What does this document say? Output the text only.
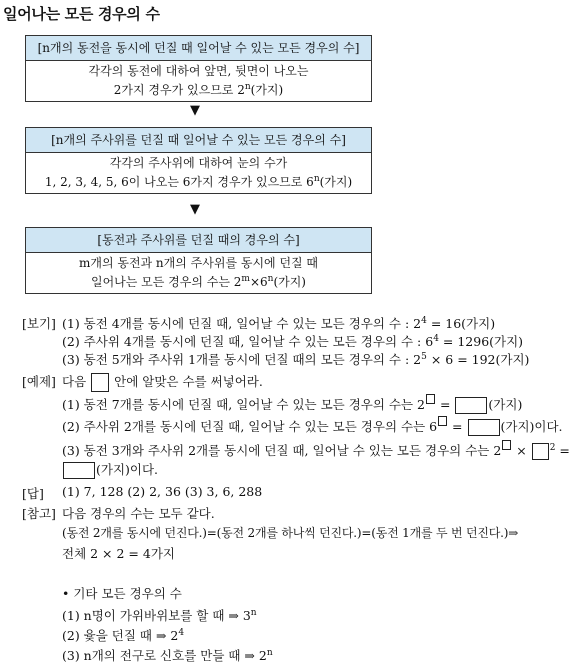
일어나는 모든 경우의 수
[n개의 동전을 동시에 던질 때 일어날 수 있는 모든 경우의 수]
각각의 동전에 대하여 앞면, 뒷면이 나오는
2가지 경우가 있으므로 2$^n$(가지)
▼
[n개의 주사위를 던질 때 일어날 수 있는 모든 경우의 수]
각각의 주사위에 대하여 눈의 수가
1, 2, 3, 4, 5, 6이 나오는 6가지 경우가 있으므로 6$^n$(가지)
▼
[동전과 주사위를 던질 때의 경우의 수]
m개의 동전과 n개의 주사위를 동시에 던질 때
일어나는 모든 경우의 수는 $2^m\times 6^n$(가지)
[보기] (1) 동전 4개를 동시에 던질 때, 일어날 수 있는 모든 경우의 수 : $2^4 = 16$(가지)
(2) 주사위 4개를 동시에 던질 때, 일어날 수 있는 모든 경우의 수 : $6^4 = 1296$(가지)
(3) 동전 5개와 주사위 1개를 동시에 던질 때의 모든 경우의 수 : $2^5 \times 6 = 192$(가지)
[예제] 다음 안에 알맞은 수를 써넣어라.
(1) 동전 7개를 동시에 던질 때, 일어날 수 있는 모든 경우의 수는 2 =	(가지)
(2) 주사위 2개를 동시에 던질 때, 일어날 수 있는 모든 경우의 수는 6 =	(가지)이다.
(3) 동전 3개와 주사위 2개를 동시에 던질 때, 일어날 수 있는 모든 경우의 수는 2 × $^2$ =
(가지)이다.
[답] (1) 7, 128 (2) 2, 36 (3) 3, 6, 288
[참고] 다음 경우의 수는 모두 같다.
(동전 2개를 동시에 던진다.)=(동전 2개를 하나씩 던진다.)=(동전 1개를 두 번 던진다.)⇒
전체 2 × 2 = 4가지
• 기타 모든 경우의 수
(1) n명이 가위바위보를 할 때 ⇒ 3$^n$
(2) 윷을 던질 때 ⇒ $2^4$
(3) n개의 전구로 신호를 만들 때 ⇒ 2$^n$
